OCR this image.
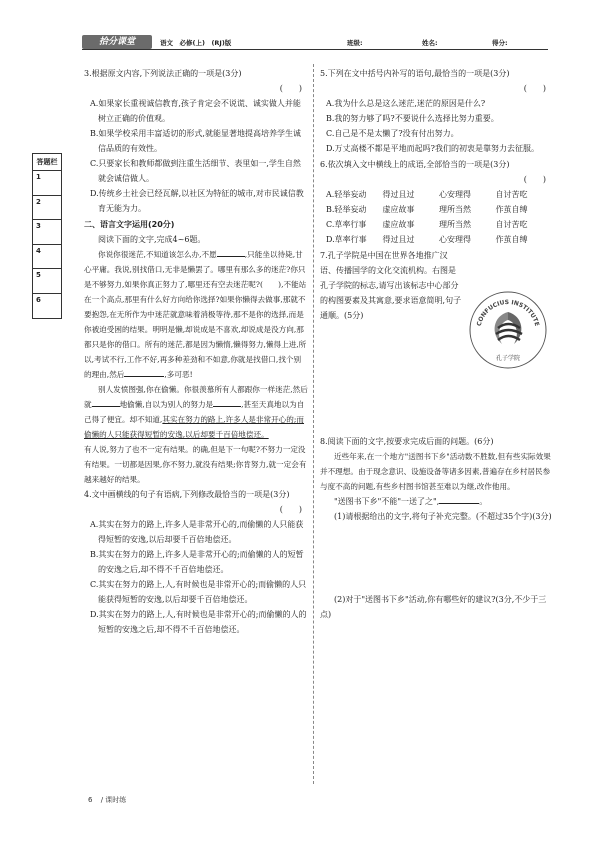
拾分课堂	语文　必修(上)　(RJ)版	班级:	姓名:	得分:
答题栏
1
2
3
4
5
6
3.根据原文内容,下列说法正确的一项是(3分)
(　　)
A.如果家长重视诚信教育,孩子肯定会不说谎、诚实做人并能树立正确的价值观。
B.如果学校采用丰富适切的形式,就能显著地提高培养学生诚信品质的有效性。
C.只要家长和教师都做到注重生活细节、表里如一,学生自然就会诚信做人。
D.传统乡土社会已经瓦解,以社区为特征的城市,对市民诚信教育无能为力。
二、语言文字运用(20分)
阅读下面的文字,完成4~6题。
你说你很迷茫,不知道该怎么办,不愿	,只能坐以待毙,甘心平庸。我说,别找借口,无非是懒罢了。哪里有那么多的迷茫?你只是不够努力,如果你真正努力了,哪里还有空去迷茫呢?(　　),不能站在一个高点,那里有什么好方向给你选择?如果你懒得去做事,那就不要抱怨,在无所作为中迷茫就意味着消极等待,那不是你的选择,而是你被迫受困的结果。明明是懒,却说成是不喜欢,却说成是没方向,那都只是你的借口。所有的迷茫,都是因为懒惰,懒得努力,懒得上进,所以,考试不行,工作不好,再多种差劲和不如意,你就是找借口,找个别的理由,然后	,多可恶!
别人发愤图强,你在偷懒。你很羡慕所有人都跟你一样迷茫,然后就	地偷懒,自以为别人的努力是	,甚至天真地以为自己得了便宜。却不知道,其实在努力的路上,许多人是非常开心的;而偷懒的人只能获得短暂的安逸,以后却要千百倍地偿还。
有人说,努力了也不一定有结果。的确,但是下一句呢?不努力一定没有结果。一切都是因果,你不努力,就没有结果;你肯努力,就一定会有越来越好的结果。
4.文中画横线的句子有语病,下列修改最恰当的一项是(3分)
(　　)
A.其实在努力的路上,许多人是非常开心的,而偷懒的人只能获得短暂的安逸,以后却要千百倍地偿还。
B.其实在努力的路上,许多人是非常开心的;而偷懒的人的短暂的安逸之后,却不得不千百倍地偿还。
C.其实在努力的路上,人,有时候也是非常开心的;而偷懒的人只能获得短暂的安逸,以后却要千百倍地偿还。
D.其实在努力的路上,人,有时候也是非常开心的;而偷懒的人的短暂的安逸之后,却不得不千百倍地偿还。
5.下列在文中括号内补写的语句,最恰当的一项是(3分)
(　　)
A.我为什么总是这么迷茫,迷茫的原因是什么?
B.我的努力够了吗?不要说什么选择比努力重要。
C.自己是不是太懒了?没有付出努力。
D.万丈高楼不都是平地而起吗?我们的初衷是靠努力去征服。
6.依次填入文中横线上的成语,全部恰当的一项是(3分)
(　　)
A.轻举妄动	得过且过	心安理得	自讨苦吃
B.轻举妄动	虚应故事	理所当然	作茧自缚
C.草率行事	虚应故事	理所当然	自讨苦吃
D.草率行事	得过且过	心安理得	作茧自缚
7.孔子学院是中国在世界各地推广汉语、传播国学的文化交流机构。右图是孔子学院的标志,请写出该标志中心部分的构图要素及其寓意,要求语意简明,句子通顺。(5分)
8.阅读下面的文字,按要求完成后面的问题。(6分)
近些年来,在一个地方"送图书下乡"活动数不胜数,但有些实际效果并不理想。由于现念意识、设施设备等诸多因素,普遍存在乡村居民参与度不高的问题,有些乡村图书馆甚至难以为继,改作他用。
"送图书下乡"不能"一送了之",	。
(1)请根据给出的文字,将句子补充完整。(不超过35个字)(3分)
(2)对于"送图书下乡"活动,你有哪些好的建议?(3分,不少于三点)
CONFUCIUS INSTITUTE
孔子学院
6 / 课时练
